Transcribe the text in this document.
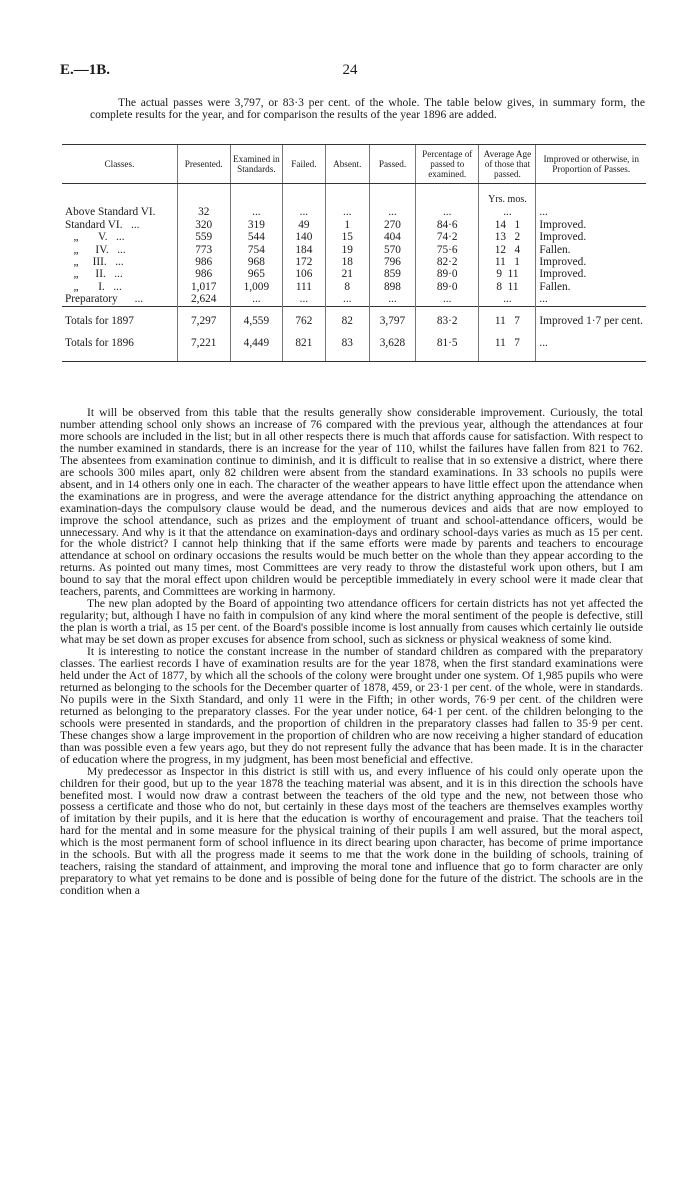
E.—1B.	24
The actual passes were 3,797, or 83·3 per cent. of the whole. The table below gives, in summary form, the complete results for the year, and for comparison the results of the year 1896 are added.
Classes.	Presented.	Examined in Standards.	Failed.	Absent.	Passed.	Percentage of passed to examined.	Average Age of those that passed.	Improved or otherwise, in Proportion of Passes.
							Yrs. mos.	
Above Standard VI.	32	...	...	...	...	...	...	...
Standard VI.   ...	320	319	49	1	270	84·6	14   1	Improved.
„       V.   ...	559	544	140	15	404	74·2	13   2	Improved.
„      IV.   ...	773	754	184	19	570	75·6	12   4	Fallen.
„     III.   ...	986	968	172	18	796	82·2	11   1	Improved.
„      II.   ...	986	965	106	21	859	89·0	9  11	Improved.
„       I.   ...	1,017	1,009	111	8	898	89·0	8  11	Fallen.
Preparatory      ...	2,624	...	...	...	...	...	...	...
Totals for 1897	7,297	4,559	762	82	3,797	83·2	11   7	Improved 1·7 per cent.
Totals for 1896	7,221	4,449	821	83	3,628	81·5	11   7	...

It will be observed from this table that the results generally show considerable improvement. Curiously, the total number attending school only shows an increase of 76 compared with the previous year, although the attendances at four more schools are included in the list; but in all other respects there is much that affords cause for satisfaction. With respect to the number examined in standards, there is an increase for the year of 110, whilst the failures have fallen from 821 to 762. The absentees from examination continue to diminish, and it is difficult to realise that in so extensive a district, where there are schools 300 miles apart, only 82 children were absent from the standard examinations. In 33 schools no pupils were absent, and in 14 others only one in each. The character of the weather appears to have little effect upon the attendance when the examinations are in progress, and were the average attendance for the district anything approaching the attendance on examination-days the compulsory clause would be dead, and the numerous devices and aids that are now employed to improve the school attendance, such as prizes and the employment of truant and school-attendance officers, would be unnecessary. And why is it that the attendance on examination-days and ordinary school-days varies as much as 15 per cent. for the whole district? I cannot help thinking that if the same efforts were made by parents and teachers to encourage attendance at school on ordinary occasions the results would be much better on the whole than they appear according to the returns. As pointed out many times, most Committees are very ready to throw the distasteful work upon others, but I am bound to say that the moral effect upon children would be perceptible immediately in every school were it made clear that teachers, parents, and Committees are working in harmony.

The new plan adopted by the Board of appointing two attendance officers for certain districts has not yet affected the regularity; but, although I have no faith in compulsion of any kind where the moral sentiment of the people is defective, still the plan is worth a trial, as 15 per cent. of the Board's possible income is lost annually from causes which certainly lie outside what may be set down as proper excuses for absence from school, such as sickness or physical weakness of some kind.

It is interesting to notice the constant increase in the number of standard children as compared with the preparatory classes. The earliest records I have of examination results are for the year 1878, when the first standard examinations were held under the Act of 1877, by which all the schools of the colony were brought under one system. Of 1,985 pupils who were returned as belonging to the schools for the December quarter of 1878, 459, or 23·1 per cent. of the whole, were in standards. No pupils were in the Sixth Standard, and only 11 were in the Fifth; in other words, 76·9 per cent. of the children were returned as belonging to the preparatory classes. For the year under notice, 64·1 per cent. of the children belonging to the schools were presented in standards, and the proportion of children in the preparatory classes had fallen to 35·9 per cent. These changes show a large improvement in the proportion of children who are now receiving a higher standard of education than was possible even a few years ago, but they do not represent fully the advance that has been made. It is in the character of education where the progress, in my judgment, has been most beneficial and effective.

My predecessor as Inspector in this district is still with us, and every influence of his could only operate upon the children for their good, but up to the year 1878 the teaching material was absent, and it is in this direction the schools have benefited most. I would now draw a contrast between the teachers of the old type and the new, not between those who possess a certificate and those who do not, but certainly in these days most of the teachers are themselves examples worthy of imitation by their pupils, and it is here that the education is worthy of encouragement and praise. That the teachers toil hard for the mental and in some measure for the physical training of their pupils I am well assured, but the moral aspect, which is the most permanent form of school influence in its direct bearing upon character, has become of prime importance in the schools. But with all the progress made it seems to me that the work done in the building of schools, training of teachers, raising the standard of attainment, and improving the moral tone and influence that go to form character are only preparatory to what yet remains to be done and is possible of being done for the future of the district. The schools are in the condition when a
